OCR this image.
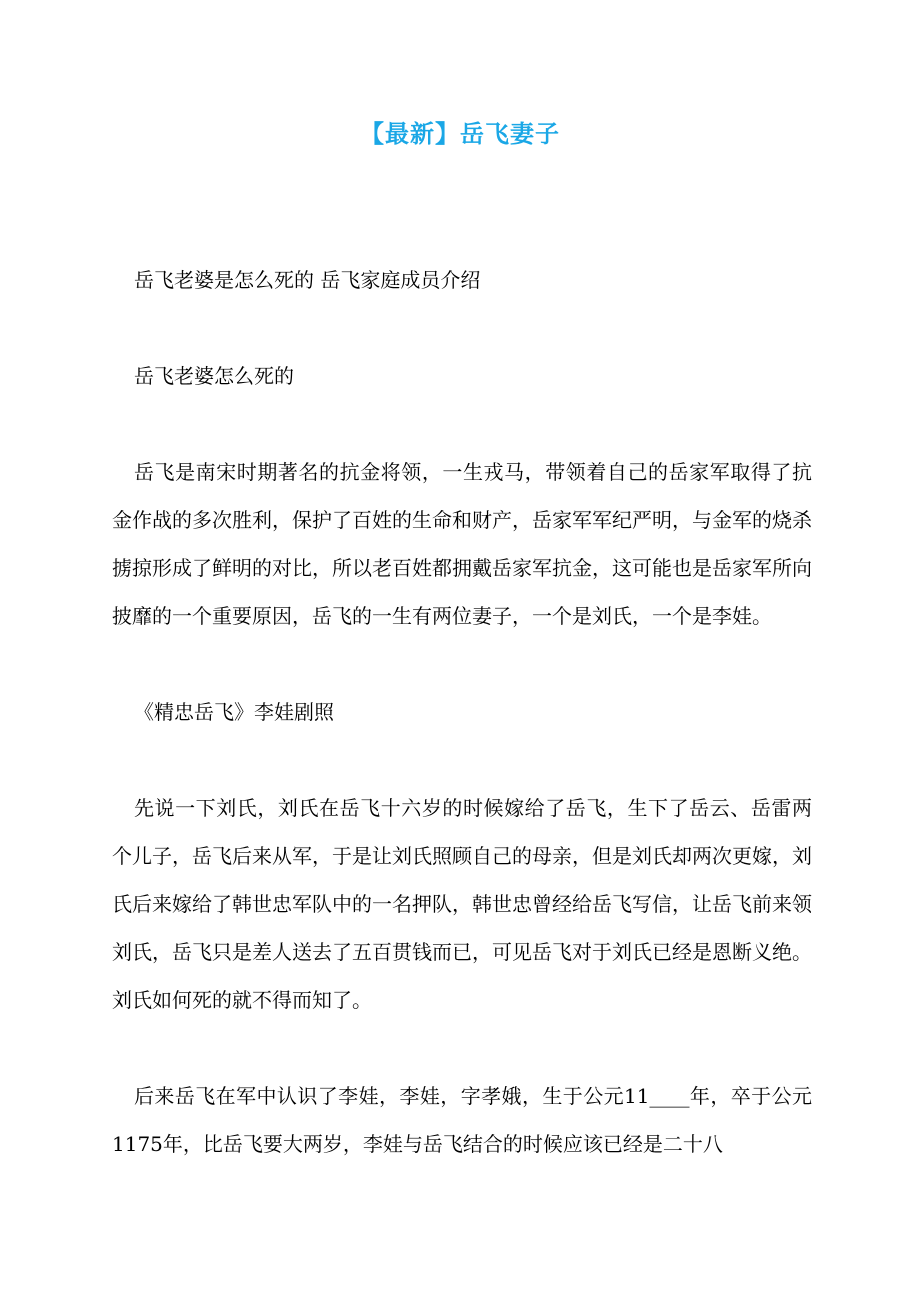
【最新】岳飞妻子
岳飞老婆是怎么死的 岳飞家庭成员介绍
岳飞老婆怎么死的
岳飞是南宋时期著名的抗金将领，一生戎马，带领着自己的岳家军取得了抗金作战的多次胜利，保护了百姓的生命和财产，岳家军军纪严明，与金军的烧杀掳掠形成了鲜明的对比，所以老百姓都拥戴岳家军抗金，这可能也是岳家军所向披靡的一个重要原因，岳飞的一生有两位妻子，一个是刘氏，一个是李娃。
《精忠岳飞》李娃剧照
先说一下刘氏，刘氏在岳飞十六岁的时候嫁给了岳飞，生下了岳云、岳雷两个儿子，岳飞后来从军，于是让刘氏照顾自己的母亲，但是刘氏却两次更嫁，刘氏后来嫁给了韩世忠军队中的一名押队，韩世忠曾经给岳飞写信，让岳飞前来领刘氏，岳飞只是差人送去了五百贯钱而已，可见岳飞对于刘氏已经是恩断义绝。刘氏如何死的就不得而知了。
后来岳飞在军中认识了李娃，李娃，字孝娥，生于公元11____年，卒于公元1175年，比岳飞要大两岁，李娃与岳飞结合的时候应该已经是二十八
